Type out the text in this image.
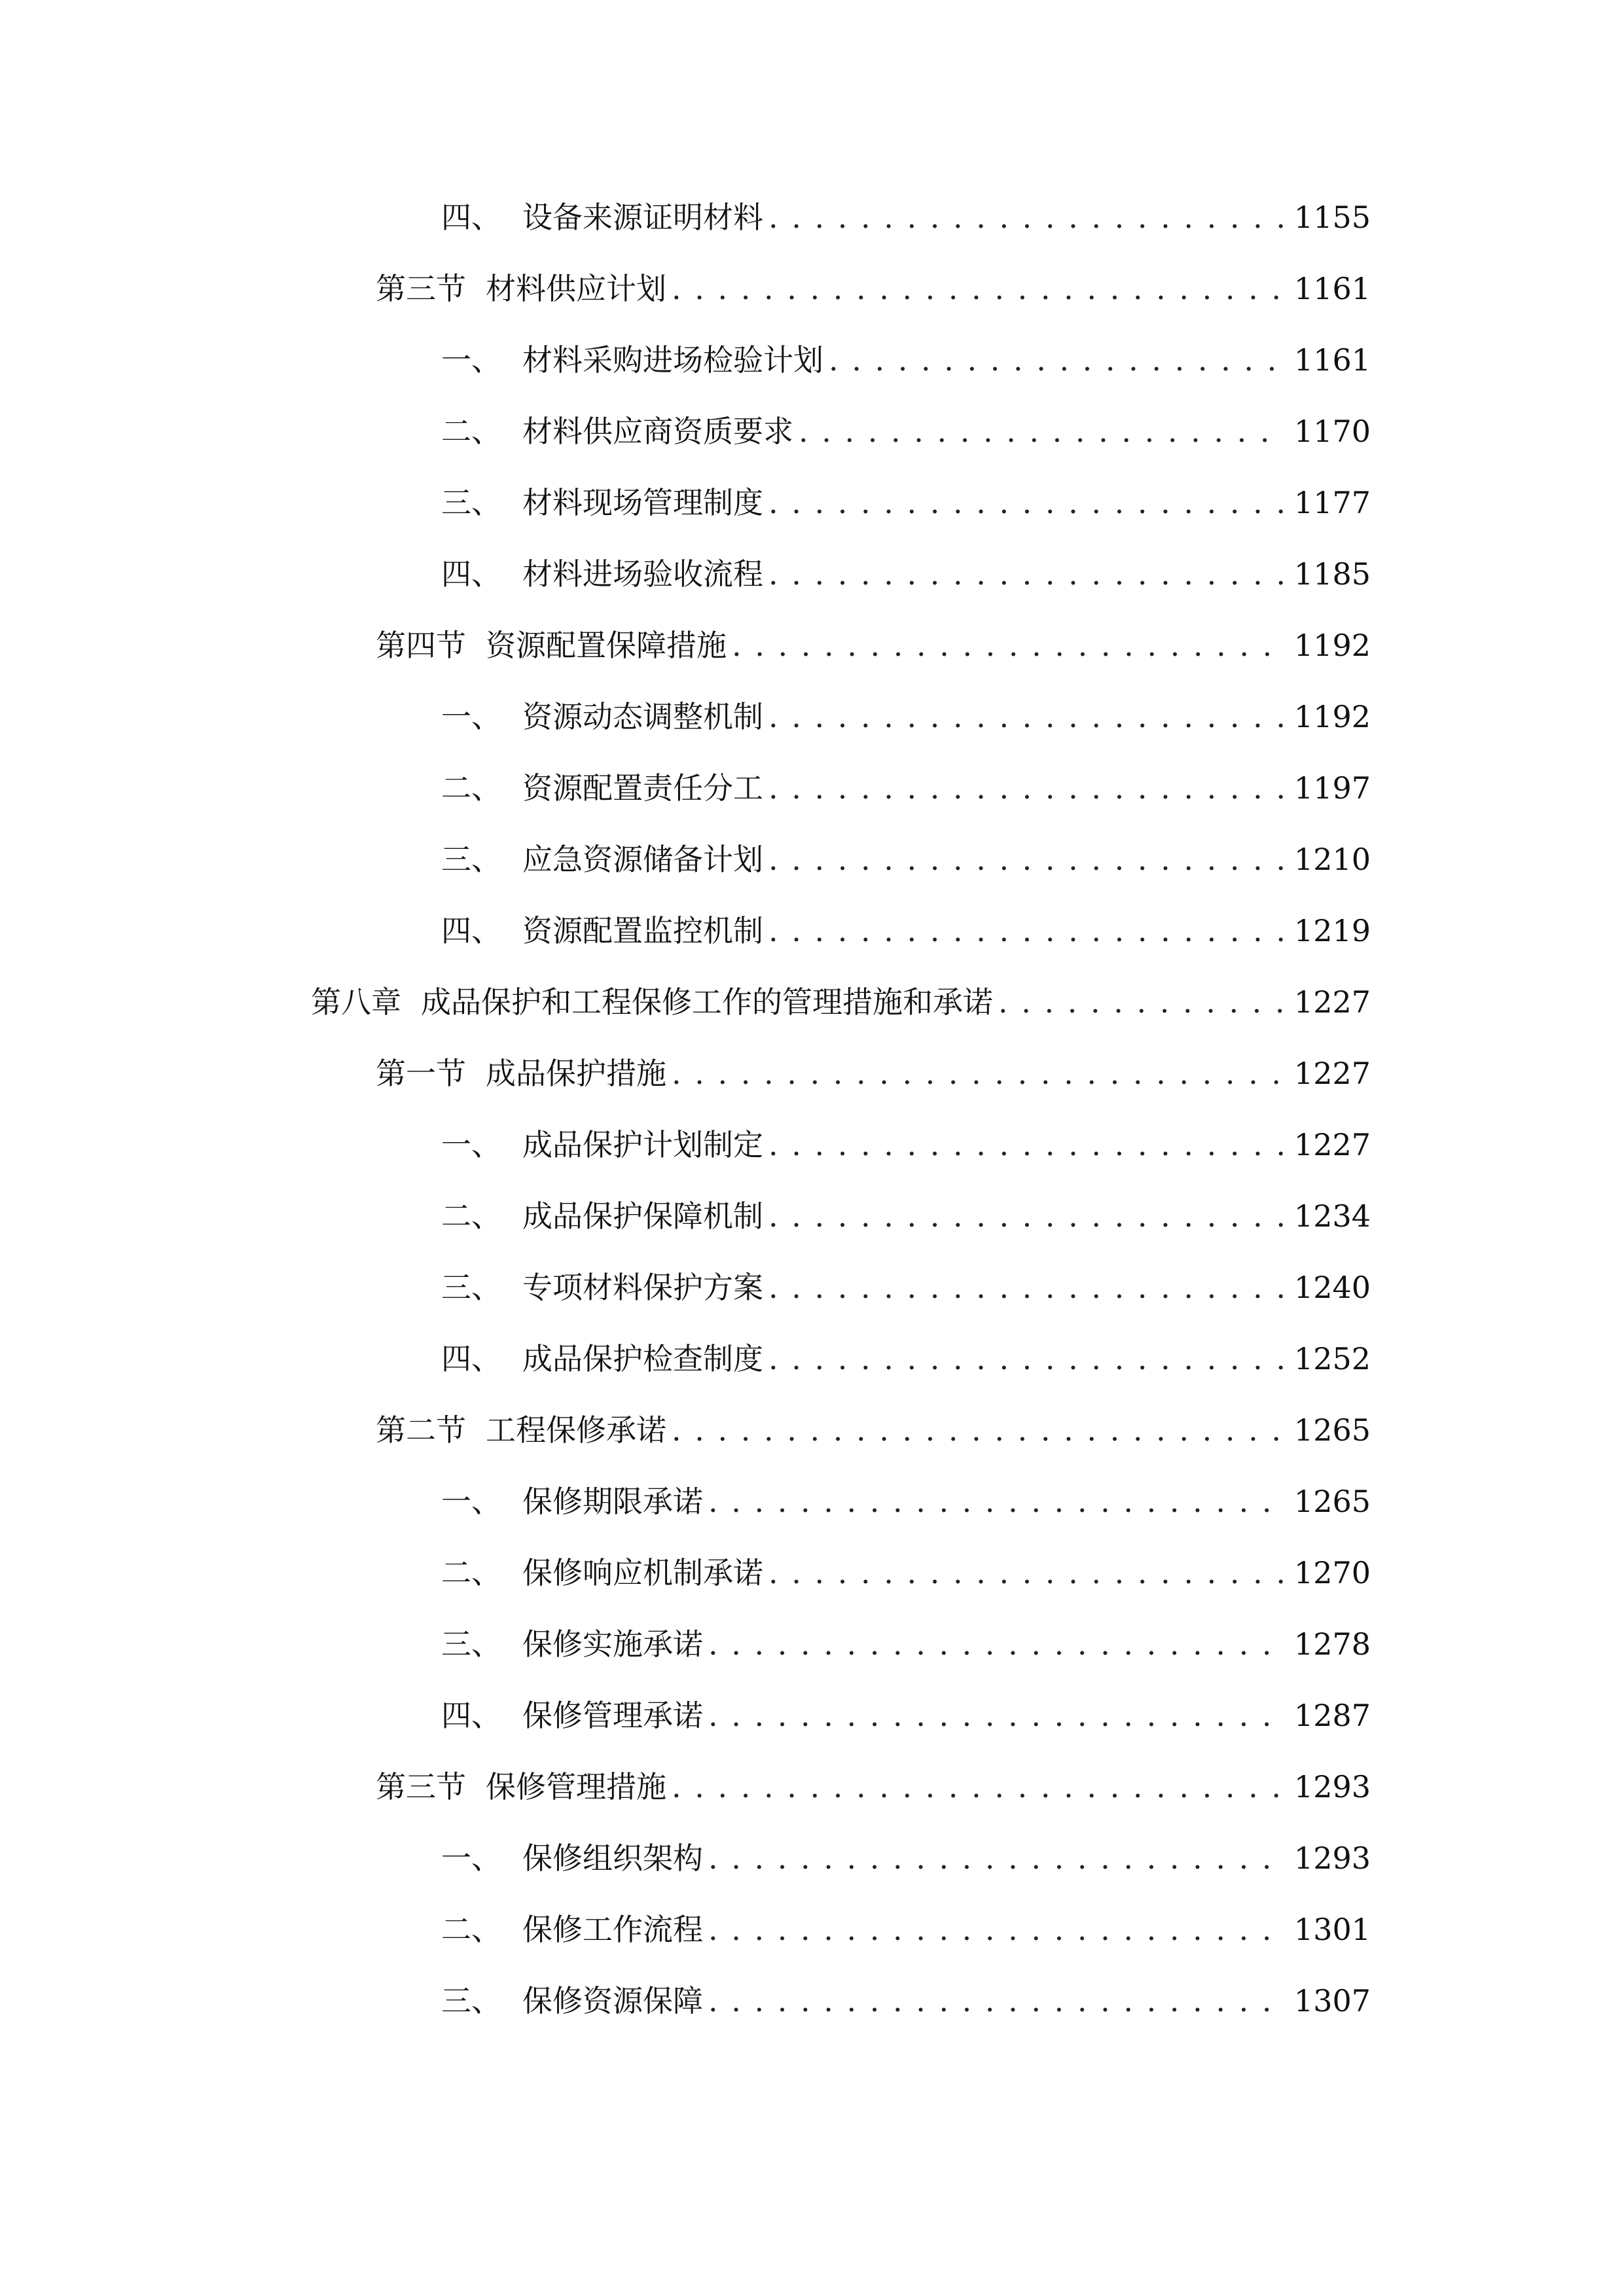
四、 设备来源证明材料 . . .	1155
第三节 材料供应计划 . . .	1161
一、 材料采购进场检验计划 . . .	1161
二、 材料供应商资质要求 . . .	1170
三、 材料现场管理制度 . . .	1177
四、 材料进场验收流程 . . .	1185
第四节 资源配置保障措施 . . .	1192
一、 资源动态调整机制 . . .	1192
二、 资源配置责任分工 . . .	1197
三、 应急资源储备计划 . . .	1210
四、 资源配置监控机制 . . .	1219
第八章 成品保护和工程保修工作的管理措施和承诺 . . .	1227
第一节 成品保护措施 . . .	1227
一、 成品保护计划制定 . . .	1227
二、 成品保护保障机制 . . .	1234
三、 专项材料保护方案 . . .	1240
四、 成品保护检查制度 . . .	1252
第二节 工程保修承诺 . . .	1265
一、 保修期限承诺 . . .	1265
二、 保修响应机制承诺 . . .	1270
三、 保修实施承诺 . . .	1278
四、 保修管理承诺 . . .	1287
第三节 保修管理措施 . . .	1293
一、 保修组织架构 . . .	1293
二、 保修工作流程 . . .	1301
三、 保修资源保障 . . .	1307
